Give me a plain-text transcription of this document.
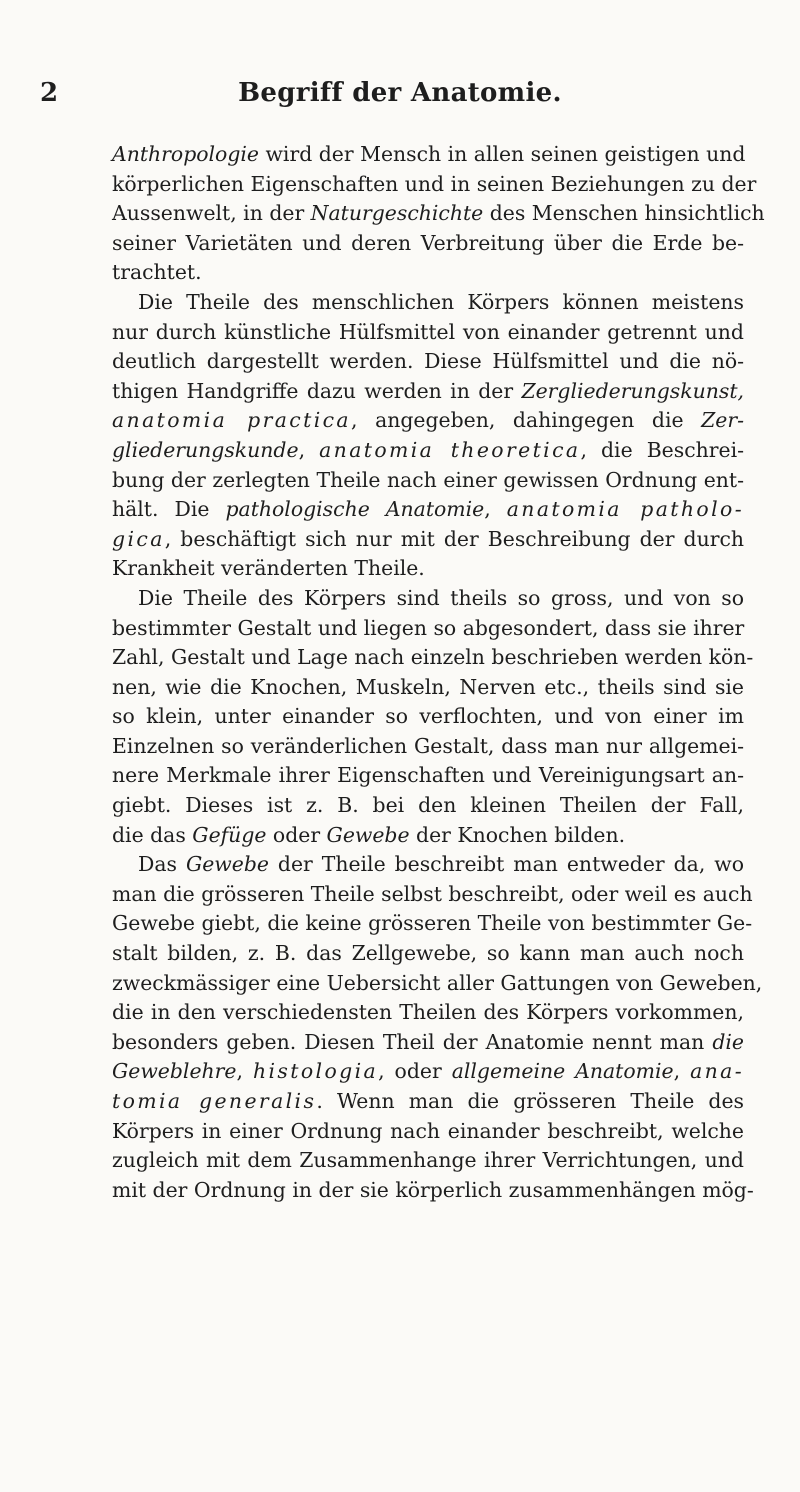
2	Begriff der Anatomie.
Anthropologie wird der Mensch in allen seinen geistigen und
körperlichen Eigenschaften und in seinen Beziehungen zu der
Aussenwelt, in der Naturgeschichte des Menschen hinsichtlich
seiner Varietäten und deren Verbreitung über die Erde be-
trachtet.
Die Theile des menschlichen Körpers können meistens
nur durch künstliche Hülfsmittel von einander getrennt und
deutlich dargestellt werden. Diese Hülfsmittel und die nö-
thigen Handgriffe dazu werden in der Zergliederungskunst,
anatomia practica, angegeben, dahingegen die Zer-
gliederungskunde, anatomia theoretica, die Beschrei-
bung der zerlegten Theile nach einer gewissen Ordnung ent-
hält. Die pathologische Anatomie, anatomia patholo-
gica, beschäftigt sich nur mit der Beschreibung der durch
Krankheit veränderten Theile.
Die Theile des Körpers sind theils so gross, und von so
bestimmter Gestalt und liegen so abgesondert, dass sie ihrer
Zahl, Gestalt und Lage nach einzeln beschrieben werden kön-
nen, wie die Knochen, Muskeln, Nerven etc., theils sind sie
so klein, unter einander so verflochten, und von einer im
Einzelnen so veränderlichen Gestalt, dass man nur allgemei-
nere Merkmale ihrer Eigenschaften und Vereinigungsart an-
giebt. Dieses ist z. B. bei den kleinen Theilen der Fall,
die das Gefüge oder Gewebe der Knochen bilden.
Das Gewebe der Theile beschreibt man entweder da, wo
man die grösseren Theile selbst beschreibt, oder weil es auch
Gewebe giebt, die keine grösseren Theile von bestimmter Ge-
stalt bilden, z. B. das Zellgewebe, so kann man auch noch
zweckmässiger eine Uebersicht aller Gattungen von Geweben,
die in den verschiedensten Theilen des Körpers vorkommen,
besonders geben. Diesen Theil der Anatomie nennt man die
Geweblehre, histologia, oder allgemeine Anatomie, ana-
tomia generalis. Wenn man die grösseren Theile des
Körpers in einer Ordnung nach einander beschreibt, welche
zugleich mit dem Zusammenhange ihrer Verrichtungen, und
mit der Ordnung in der sie körperlich zusammenhängen mög-
